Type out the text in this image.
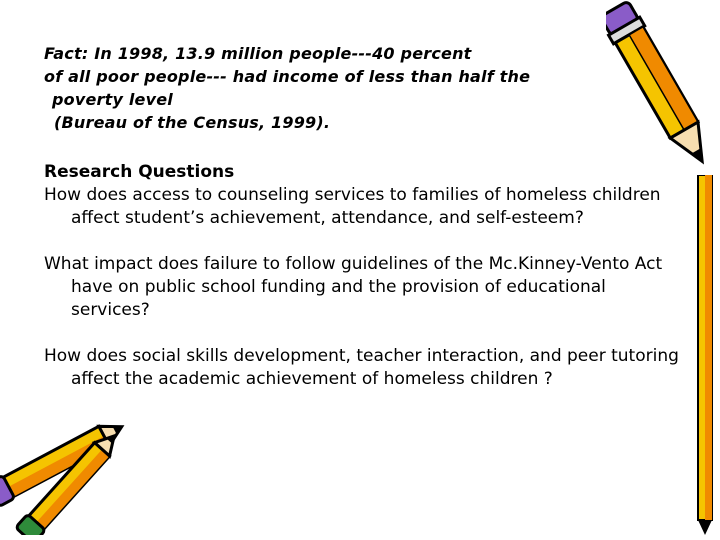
Fact: In 1998, 13.9 million people---40 percent
of all poor people--- had income of less than half the
poverty level
(Bureau of the Census, 1999).
Research Questions

How does access to counseling services to families of homeless children affect student’s achievement, attendance, and self-esteem?

What impact does failure to follow guidelines of the Mc.Kinney-Vento Act have on public school funding and the provision of educational services?

How does social skills development, teacher interaction, and peer tutoring affect the academic achievement of homeless children ?
